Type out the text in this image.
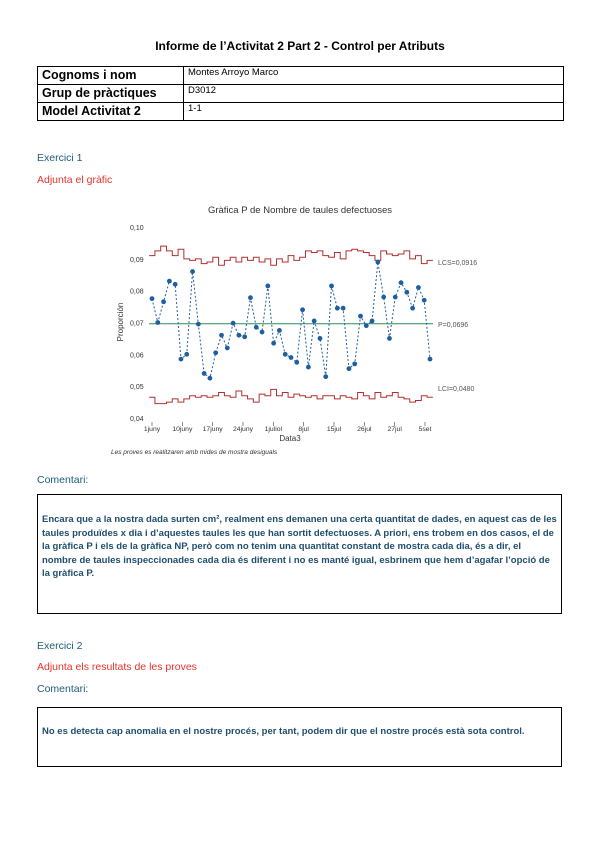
Informe de l’Activitat 2 Part 2 - Control per Atributs
Cognoms i nom	Montes Arroyo Marco
Grup de pràctiques	D3012
Model Activitat 2	1-1
Exercici 1
Adjunta el gràfic
Gràfica P de Nombre de taules defectuoses
0,10
0,09
0,08
0,07
0,06
0,05
0,04
1juny 10juny 17juny 24juny 1juliol 8jul	15jul 26jul 27jul 5set
Proporción
Data3
LCS=0,0916
P=0,0696
LCI=0,0480
Les proves es realitzaren amb mides de mostra desiguals
Comentari:

Encara que a la nostra dada surten cm², realment ens demanen una certa quantitat de dades, en aquest cas de les taules produïdes x dia i d’aquestes taules les que han sortit defectuoses. A priori, ens trobem en dos casos, el de la gràfica P i els de la gràfica NP, però com no tenim una quantitat constant de mostra cada dia, és a dir, el nombre de taules inspeccionades cada dia és diferent i no es manté igual, esbrinem que hem d’agafar l’opció de la gràfica P.

Exercici 2
Adjunta els resultats de les proves
Comentari:

No es detecta cap anomalia en el nostre procés, per tant, podem dir que el nostre procés està sota control.
